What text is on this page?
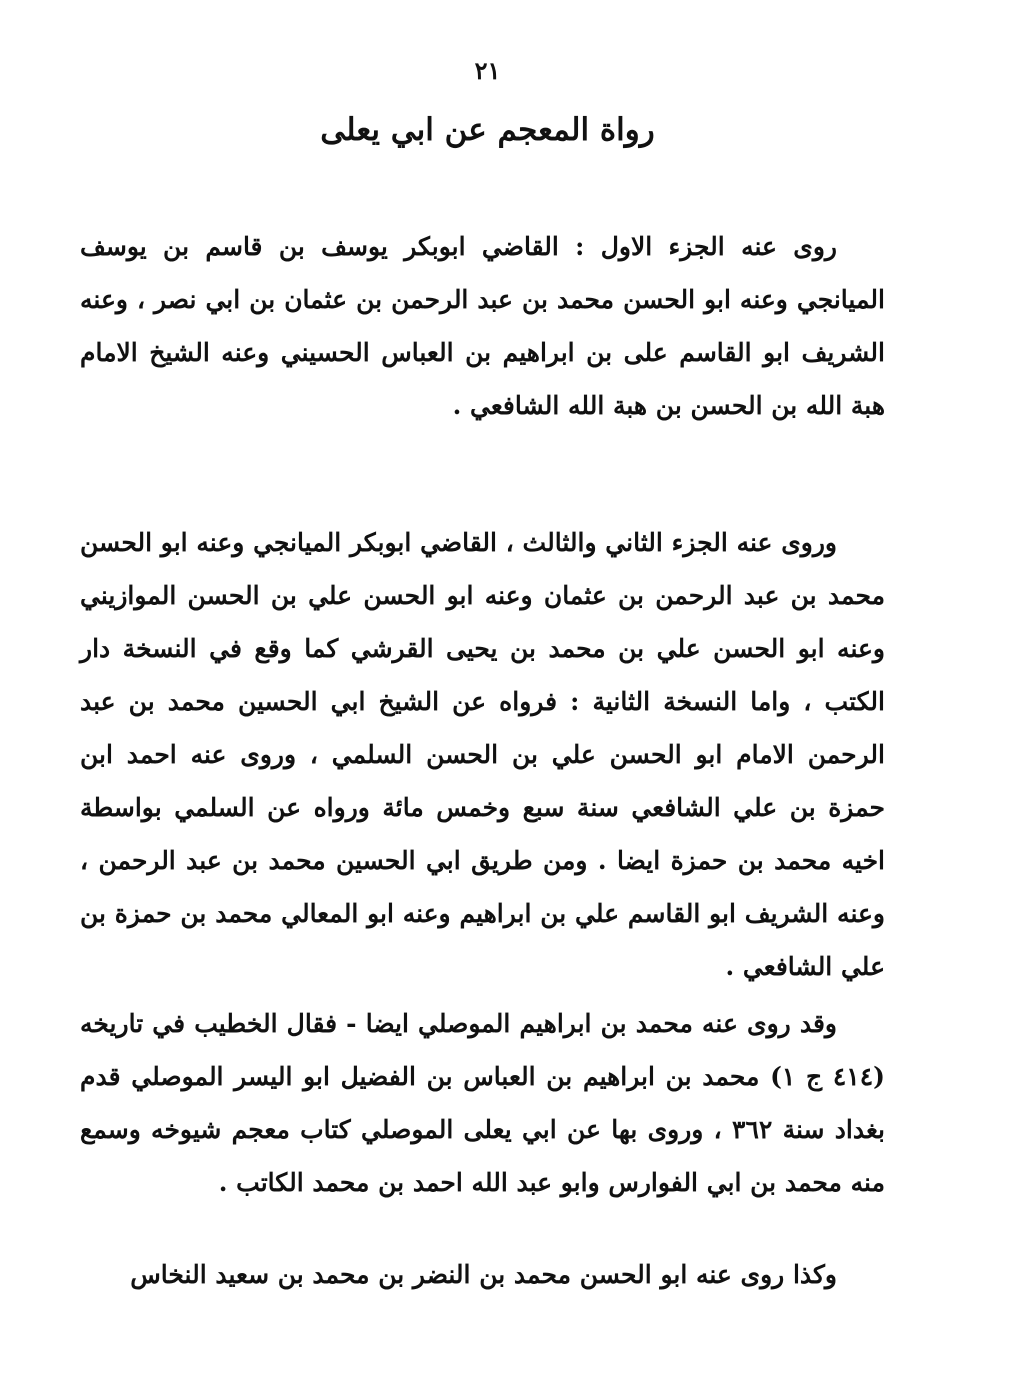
٢١
رواة المعجم عن ابي يعلى

روى عنه الجزء الاول : القاضي ابوبكر يوسف بن قاسم بن يوسف الميانجي وعنه ابو الحسن محمد بن عبد الرحمن بن عثمان بن ابي نصر ، وعنه الشريف ابو القاسم على بن ابراهيم بن العباس الحسيني وعنه الشيخ الامام هبة الله بن الحسن بن هبة الله الشافعي .

وروى عنه الجزء الثاني والثالث ، القاضي ابوبكر الميانجي وعنه ابو الحسن محمد بن عبد الرحمن بن عثمان وعنه ابو الحسن علي بن الحسن الموازيني وعنه ابو الحسن علي بن محمد بن يحيى القرشي كما وقع في النسخة دار الكتب ، واما النسخة الثانية : فرواه عن الشيخ ابي الحسين محمد بن عبد الرحمن الامام ابو الحسن علي بن الحسن السلمي ، وروى عنه احمد ابن حمزة بن علي الشافعي سنة سبع وخمس مائة ورواه عن السلمي بواسطة اخيه محمد بن حمزة ايضا . ومن طريق ابي الحسين محمد بن عبد الرحمن ، وعنه الشريف ابو القاسم علي بن ابراهيم وعنه ابو المعالي محمد بن حمزة بن علي الشافعي .

وقد روى عنه محمد بن ابراهيم الموصلي ايضا - فقال الخطيب في تاريخه (٤١٤ ج ١) محمد بن ابراهيم بن العباس بن الفضيل ابو اليسر الموصلي قدم بغداد سنة ٣٦٢ ، وروى بها عن ابي يعلى الموصلي كتاب معجم شيوخه وسمع منه محمد بن ابي الفوارس وابو عبد الله احمد بن محمد الكاتب .

وكذا روى عنه ابو الحسن محمد بن النضر بن محمد بن سعيد النخاس
